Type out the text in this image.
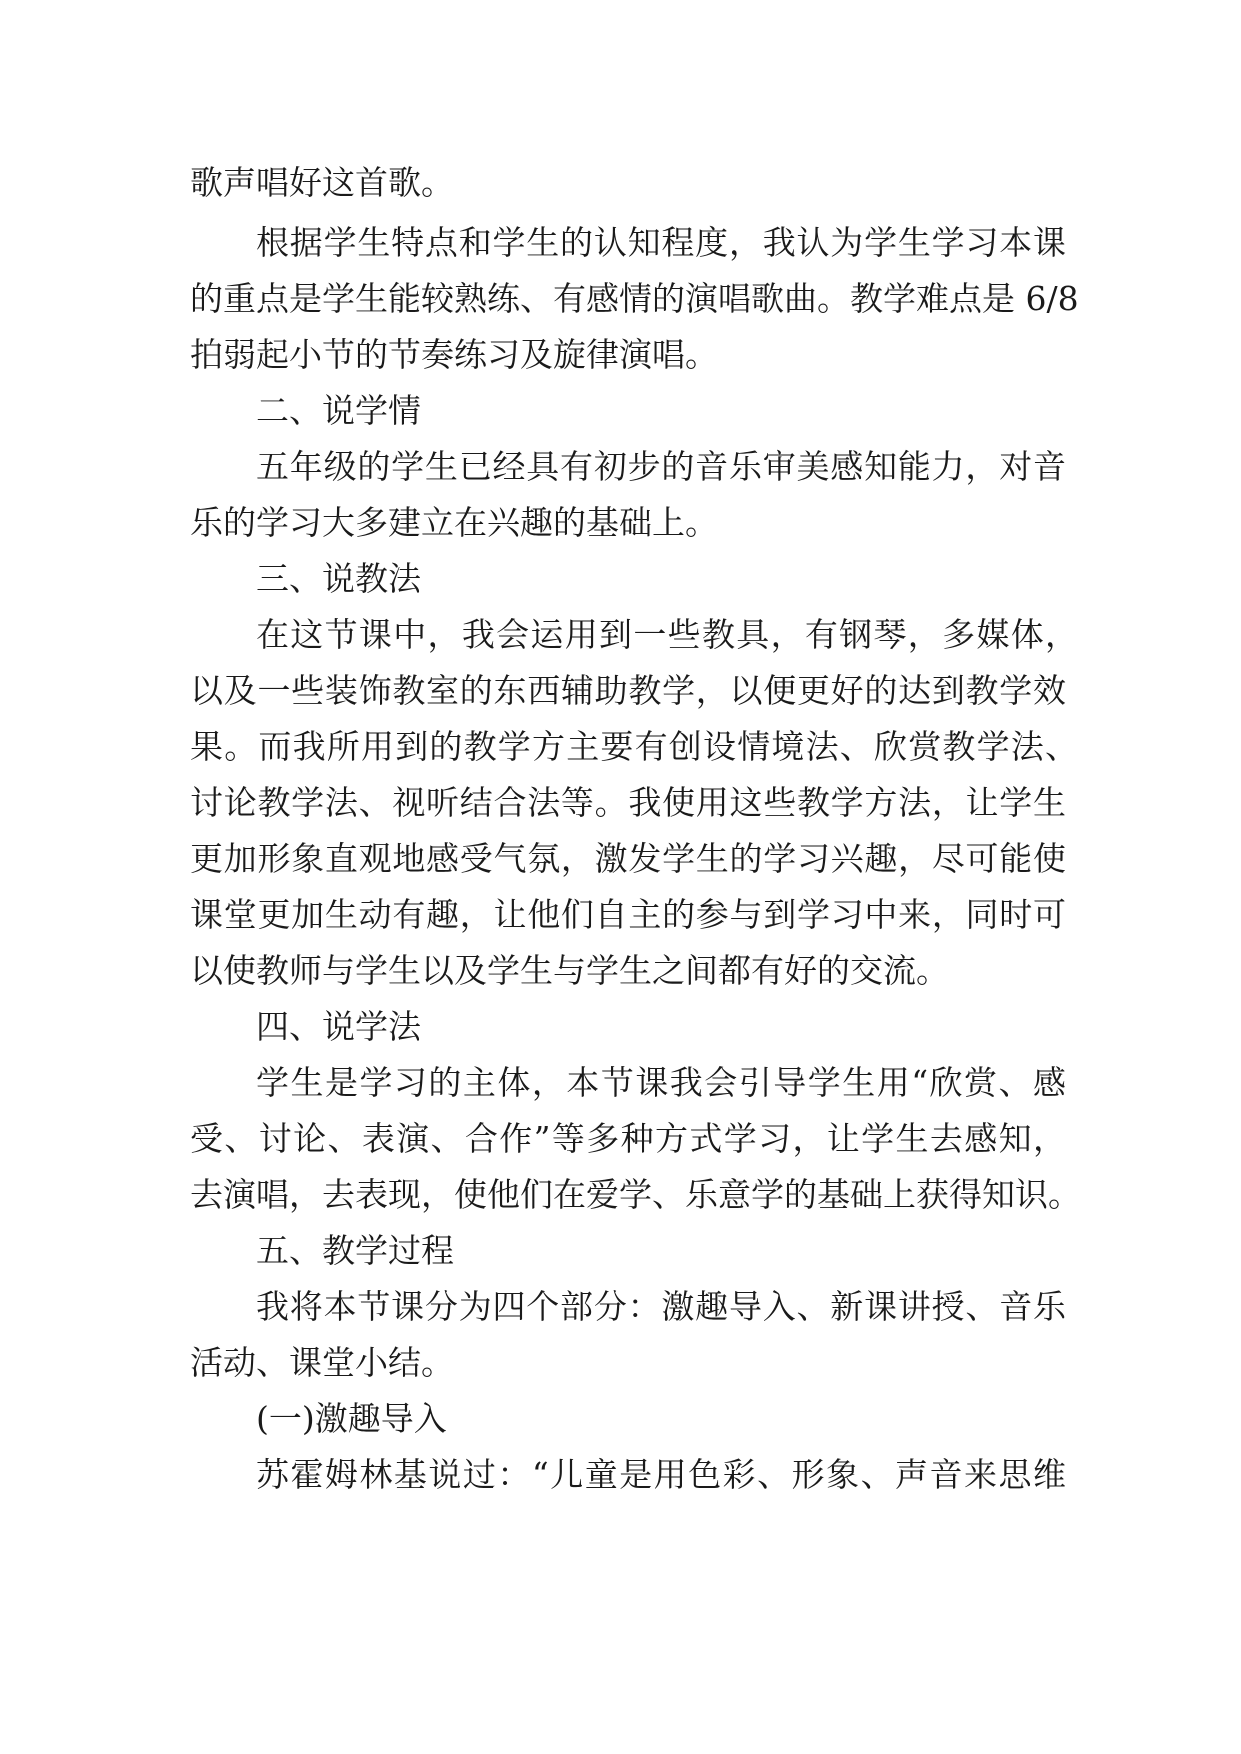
歌声唱好这首歌。
根据学生特点和学生的认知程度，我认为学生学习本课
的重点是学生能较熟练、有感情的演唱歌曲。教学难点是 6/8
拍弱起小节的节奏练习及旋律演唱。
二、说学情
五年级的学生已经具有初步的音乐审美感知能力，对音
乐的学习大多建立在兴趣的基础上。
三、说教法
在这节课中，我会运用到一些教具，有钢琴，多媒体，
以及一些装饰教室的东西辅助教学，以便更好的达到教学效
果。而我所用到的教学方主要有创设情境法、欣赏教学法、
讨论教学法、视听结合法等。我使用这些教学方法，让学生
更加形象直观地感受气氛，激发学生的学习兴趣，尽可能使
课堂更加生动有趣，让他们自主的参与到学习中来，同时可
以使教师与学生以及学生与学生之间都有好的交流。
四、说学法
学生是学习的主体，本节课我会引导学生用“欣赏、感
受、讨论、表演、合作”等多种方式学习，让学生去感知，
去演唱，去表现，使他们在爱学、乐意学的基础上获得知识。
五、教学过程
我将本节课分为四个部分：激趣导入、新课讲授、音乐
活动、课堂小结。
(一)激趣导入
苏霍姆林基说过：“儿童是用色彩、形象、声音来思维
